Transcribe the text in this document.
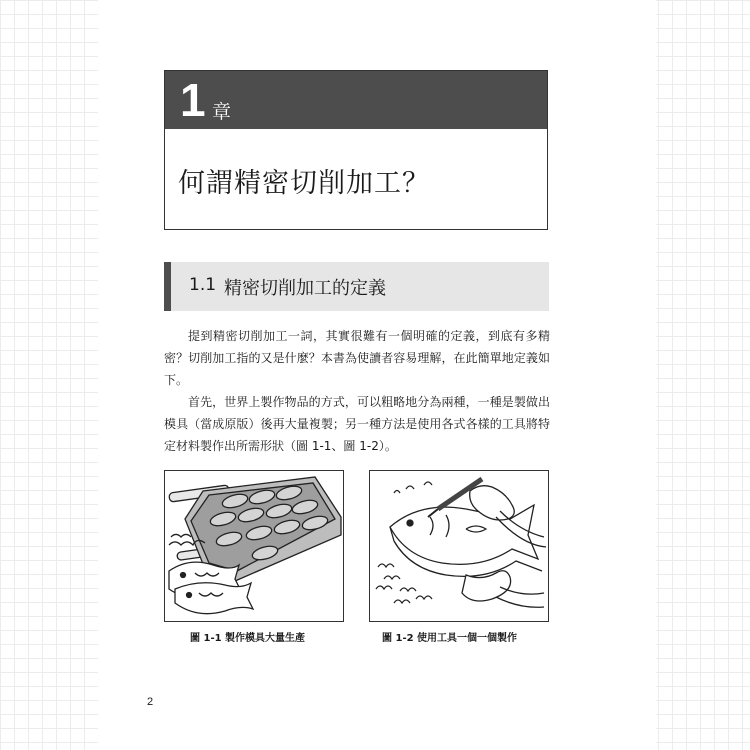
1 章
何謂精密切削加工？
1.1 精密切削加工的定義

提到精密切削加工一詞，其實很難有一個明確的定義，到底有多精密？切削加工指的又是什麼？本書為使讀者容易理解，在此簡單地定義如下。

首先，世界上製作物品的方式，可以粗略地分為兩種，一種是製做出模具（當成原版）後再大量複製；另一種方法是使用各式各樣的工具將特定材料製作出所需形狀（圖 1-1、圖 1-2）。

圖 1-1 製作模具大量生產	圖 1-2 使用工具一個一個製作
2
